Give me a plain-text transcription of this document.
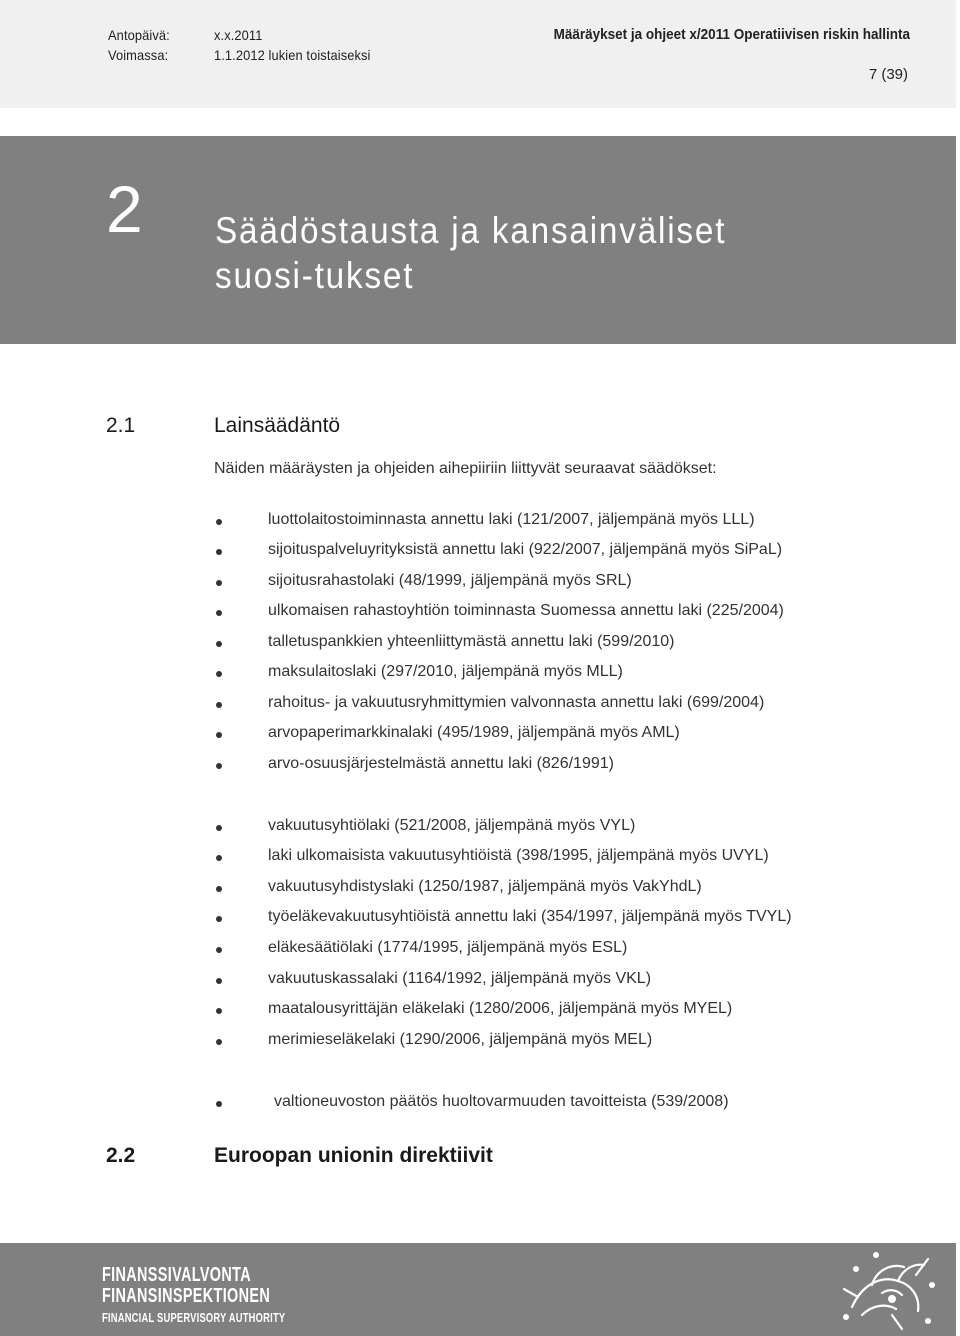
Antopäivä:	x.x.2011
Voimassa:	1.1.2012 lukien toistaiseksi
Määräykset ja ohjeet x/2011 Operatiivisen riskin hallinta
7 (39)
2 Säädöstausta ja kansainväliset suosi-tukset
2.1	Lainsäädäntö
Näiden määräysten ja ohjeiden aihepiiriin liittyvät seuraavat säädökset:
luottolaitostoiminnasta annettu laki (121/2007, jäljempänä myös LLL)
sijoituspalveluyrityksistä annettu laki (922/2007, jäljempänä myös SiPaL)
sijoitusrahastolaki (48/1999, jäljempänä myös SRL)
ulkomaisen rahastoyhtiön toiminnasta Suomessa annettu laki (225/2004)
talletuspankkien yhteenliittymästä annettu laki (599/2010)
maksulaitoslaki (297/2010, jäljempänä myös MLL)
rahoitus- ja vakuutusryhmittymien valvonnasta annettu laki (699/2004)
arvopaperimarkkinalaki (495/1989, jäljempänä myös AML)
arvo-osuusjärjestelmästä annettu laki (826/1991)
vakuutusyhtiölaki (521/2008, jäljempänä myös VYL)
laki ulkomaisista vakuutusyhtiöistä (398/1995, jäljempänä myös UVYL)
vakuutusyhdistyslaki (1250/1987, jäljempänä myös VakYhdL)
työeläkevakuutusyhtiöistä annettu laki (354/1997, jäljempänä myös TVYL)
eläkesäätiölaki (1774/1995, jäljempänä myös ESL)
vakuutuskassalaki (1164/1992, jäljempänä myös VKL)
maatalousyrittäjän eläkelaki (1280/2006, jäljempänä myös MYEL)
merimieseläkelaki (1290/2006, jäljempänä myös MEL)
valtioneuvoston päätös huoltovarmuuden tavoitteista (539/2008)
2.2	Euroopan unionin direktiivit
FINANSSIVALVONTA
FINANSINSPEKTIONEN
FINANCIAL SUPERVISORY AUTHORITY
